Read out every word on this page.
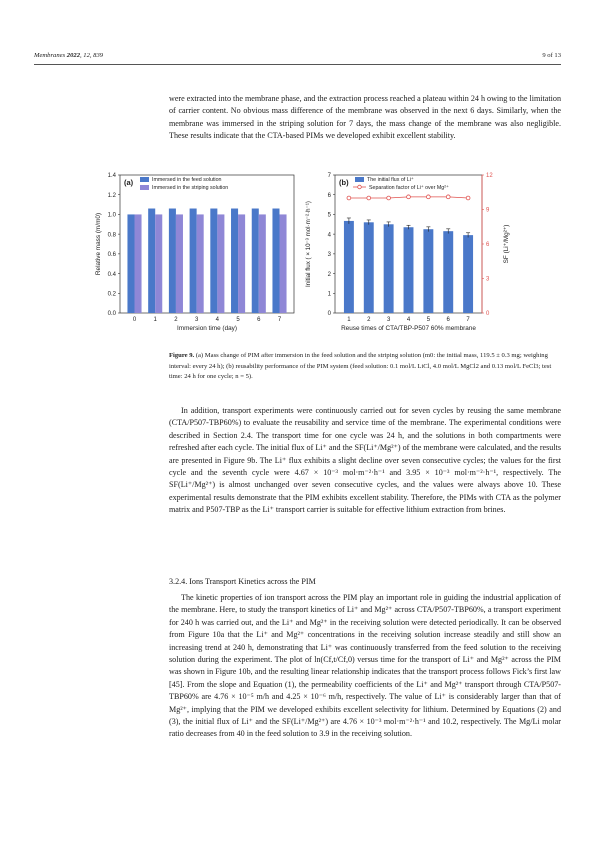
Membranes 2022, 12, 839	9 of 13

were extracted into the membrane phase, and the extraction process reached a plateau within 24 h owing to the limitation of carrier content. No obvious mass difference of the membrane was observed in the next 6 days. Similarly, when the membrane was immersed in the striping solution for 7 days, the mass change of the membrane was also negligible. These results indicate that the CTA-based PIMs we developed exhibit excellent stability.

0.0
0.2
0.4
0.6
0.8
1.0
1.2
1.4
0	1	2	3	4	5	6	7
Immersion time (day)
Relative mass (m/m0)
(a)	Immersed in the feed solution
Immersed in the striping solution
0
1
2
3
4
5
6
7
0
3
6
9
12
1	2	3	4	5	6	7
Reuse times of CTA/TBP-P507 60% membrane
Initial flux ( × 10⁻³ mol·m⁻²·h⁻¹)	SF (Li⁺/Mg²⁺)
(b)	The initial flux of Li⁺
Separation factor of Li⁺ over Mg²⁺

Figure 9. (a) Mass change of PIM after immersion in the feed solution and the striping solution (m0: the initial mass, 119.5 ± 0.3 mg; weighing interval: every 24 h); (b) reusability performance of the PIM system (feed solution: 0.1 mol/L LiCl, 4.0 mol/L MgCl2 and 0.13 mol/L FeCl3; test time: 24 h for one cycle; n = 5).

In addition, transport experiments were continuously carried out for seven cycles by reusing the same membrane (CTA/P507-TBP60%) to evaluate the reusability and service time of the membrane. The experimental conditions were described in Section 2.4. The transport time for one cycle was 24 h, and the solutions in both compartments were refreshed after each cycle. The initial flux of Li⁺ and the SF(Li⁺/Mg²⁺) of the membrane were calculated, and the results are presented in Figure 9b. The Li⁺ flux exhibits a slight decline over seven consecutive cycles; the values for the first cycle and the seventh cycle were 4.67 × 10⁻³ mol·m⁻²·h⁻¹ and 3.95 × 10⁻³ mol·m⁻²·h⁻¹, respectively. The SF(Li⁺/Mg²⁺) is almost unchanged over seven consecutive cycles, and the values were always above 10. These experimental results demonstrate that the PIM exhibits excellent stability. Therefore, the PIMs with CTA as the polymer matrix and P507-TBP as the Li⁺ transport carrier is suitable for effective lithium extraction from brines.

3.2.4. Ions Transport Kinetics across the PIM

The kinetic properties of ion transport across the PIM play an important role in guiding the industrial application of the membrane. Here, to study the transport kinetics of Li⁺ and Mg²⁺ across CTA/P507-TBP60%, a transport experiment for 240 h was carried out, and the Li⁺ and Mg²⁺ in the receiving solution were detected periodically. It can be observed from Figure 10a that the Li⁺ and Mg²⁺ concentrations in the receiving solution increase steadily and still show an increasing trend at 240 h, demonstrating that Li⁺ was continuously transferred from the feed solution to the receiving solution during the experiment. The plot of ln(Cf,t/Cf,0) versus time for the transport of Li⁺ and Mg²⁺ across the PIM was shown in Figure 10b, and the resulting linear relationship indicates that the transport process follows Fick’s first law [45]. From the slope and Equation (1), the permeability coefficients of the Li⁺ and Mg²⁺ transport through CTA/P507-TBP60% are 4.76 × 10⁻⁵ m/h and 4.25 × 10⁻⁶ m/h, respectively. The value of Li⁺ is considerably larger than that of Mg²⁺, implying that the PIM we developed exhibits excellent selectivity for lithium. Determined by Equations (2) and (3), the initial flux of Li⁺ and the SF(Li⁺/Mg²⁺) are 4.76 × 10⁻³ mol·m⁻²·h⁻¹ and 10.2, respectively. The Mg/Li molar ratio decreases from 40 in the feed solution to 3.9 in the receiving solution.
